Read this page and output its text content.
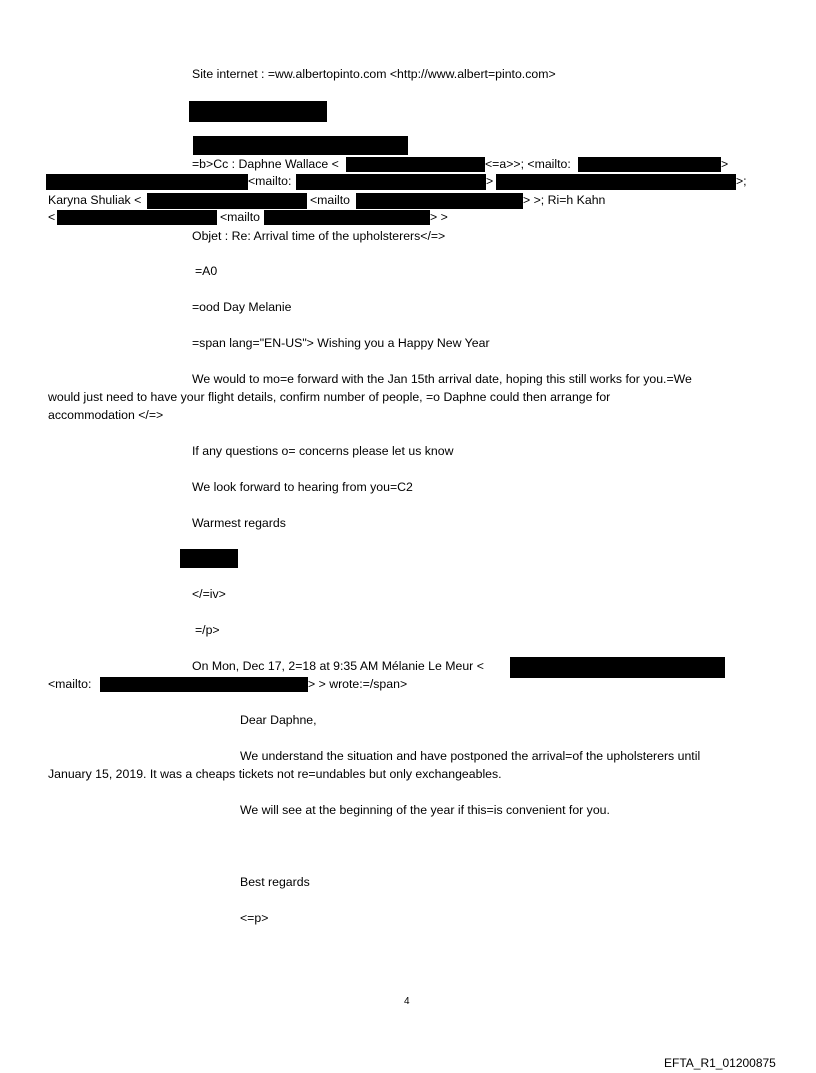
Site internet : =ww.albertopinto.com <http://www.albert=pinto.com>
=b>Cc : Daphne Wallace <	<=a>>; <mailto:	>
<mailto:	>	>;
Karyna Shuliak <	<mailto	> >; Ri=h Kahn
<	<mailto	> >
Objet : Re: Arrival time of the upholsterers</=>
=A0
=ood Day Melanie
=span lang="EN-US"> Wishing you a Happy New Year
We would to mo=e forward with the Jan 15th arrival date, hoping this still works for you.=We
would just need to have your flight details, confirm number of people, =o Daphne could then arrange for
accommodation </=>
If any questions o= concerns please let us know
We look forward to hearing from you=C2
Warmest regards
</=iv>
=/p>
On Mon, Dec 17, 2=18 at 9:35 AM Mélanie Le Meur <
<mailto:	> > wrote:=/span>
Dear Daphne,
We understand the situation and have postponed the arrival=of the upholsterers until
January 15, 2019. It was a cheaps tickets not re=undables but only exchangeables.
We will see at the beginning of the year if this=is convenient for you.
Best regards
<=p>
4
EFTA_R1_01200875
